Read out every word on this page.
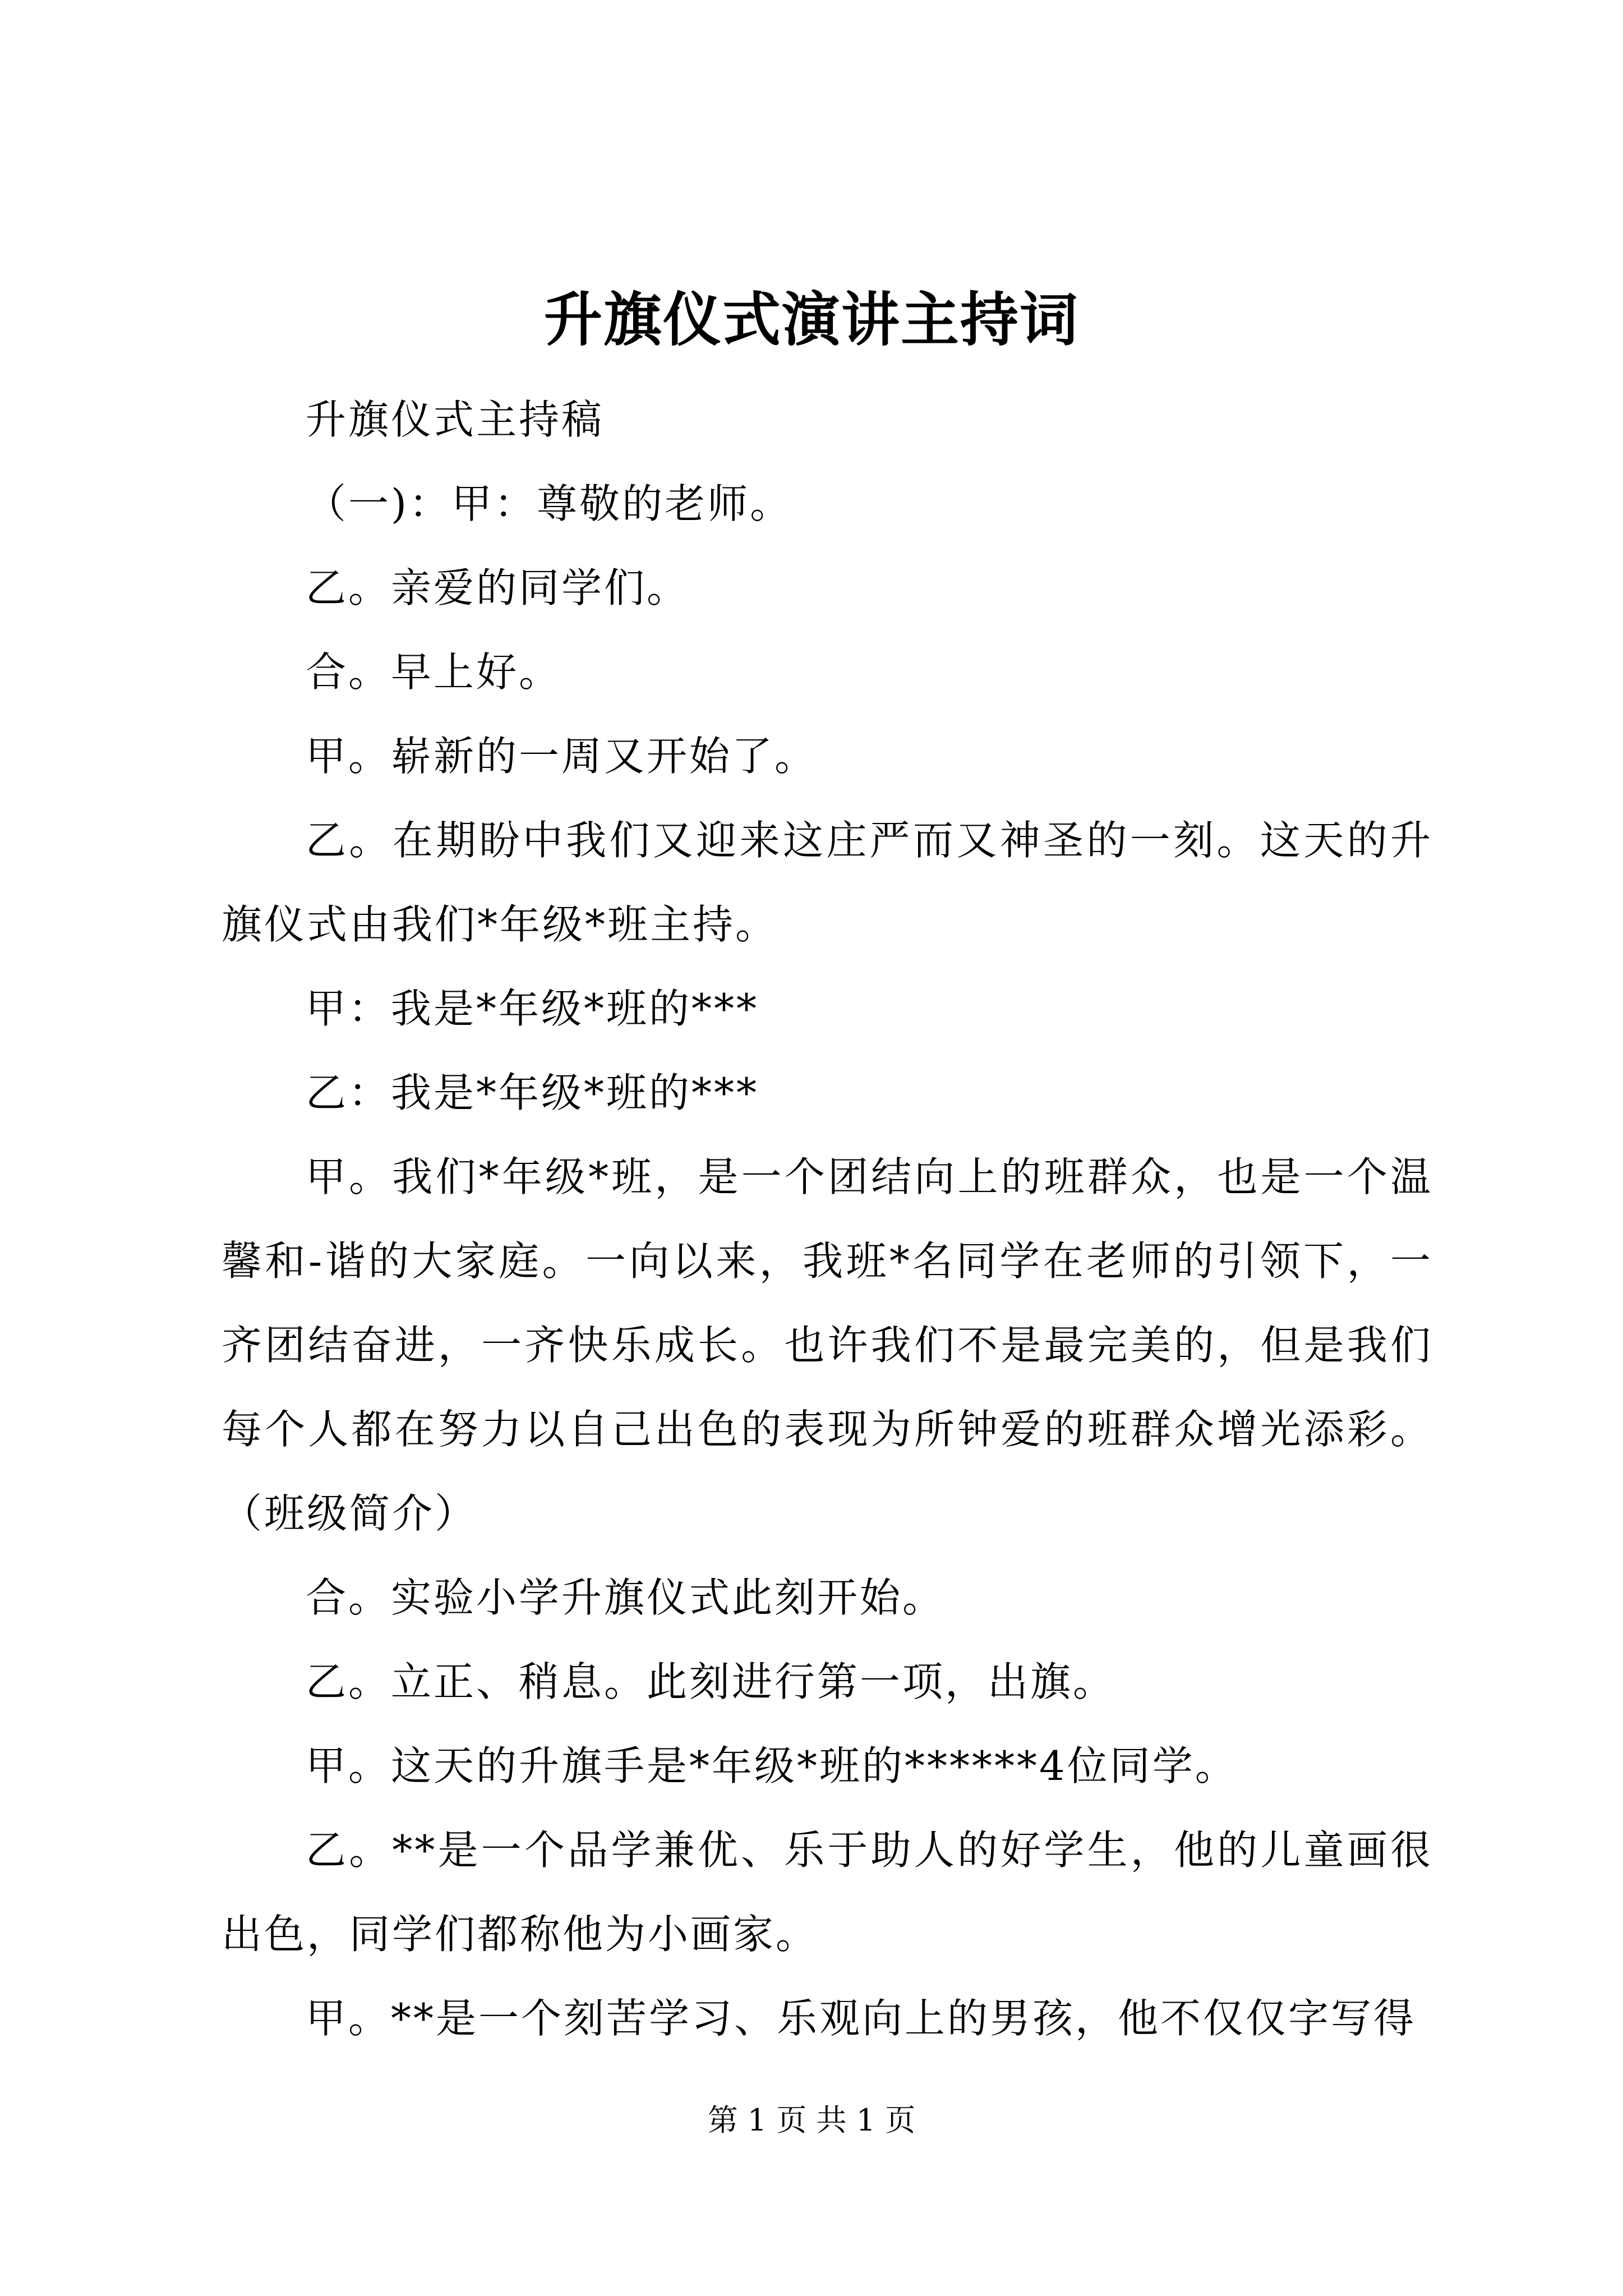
升旗仪式演讲主持词

升旗仪式主持稿

（一)：甲：尊敬的老师。

乙。亲爱的同学们。

合。早上好。

甲。崭新的一周又开始了。

乙。在期盼中我们又迎来这庄严而又神圣的一刻。这天的升旗仪式由我们*年级*班主持。

甲：我是*年级*班的***

乙：我是*年级*班的***

甲。我们*年级*班，是一个团结向上的班群众，也是一个温馨和-谐的大家庭。一向以来，我班*名同学在老师的引领下，一齐团结奋进，一齐快乐成长。也许我们不是最完美的，但是我们每个人都在努力以自己出色的表现为所钟爱的班群众增光添彩。（班级简介）

合。实验小学升旗仪式此刻开始。

乙。立正、稍息。此刻进行第一项，出旗。

甲。这天的升旗手是*年级*班的******4位同学。

乙。**是一个品学兼优、乐于助人的好学生，他的儿童画很出色，同学们都称他为小画家。

甲。**是一个刻苦学习、乐观向上的男孩，他不仅仅字写得

第 1 页 共 1 页
